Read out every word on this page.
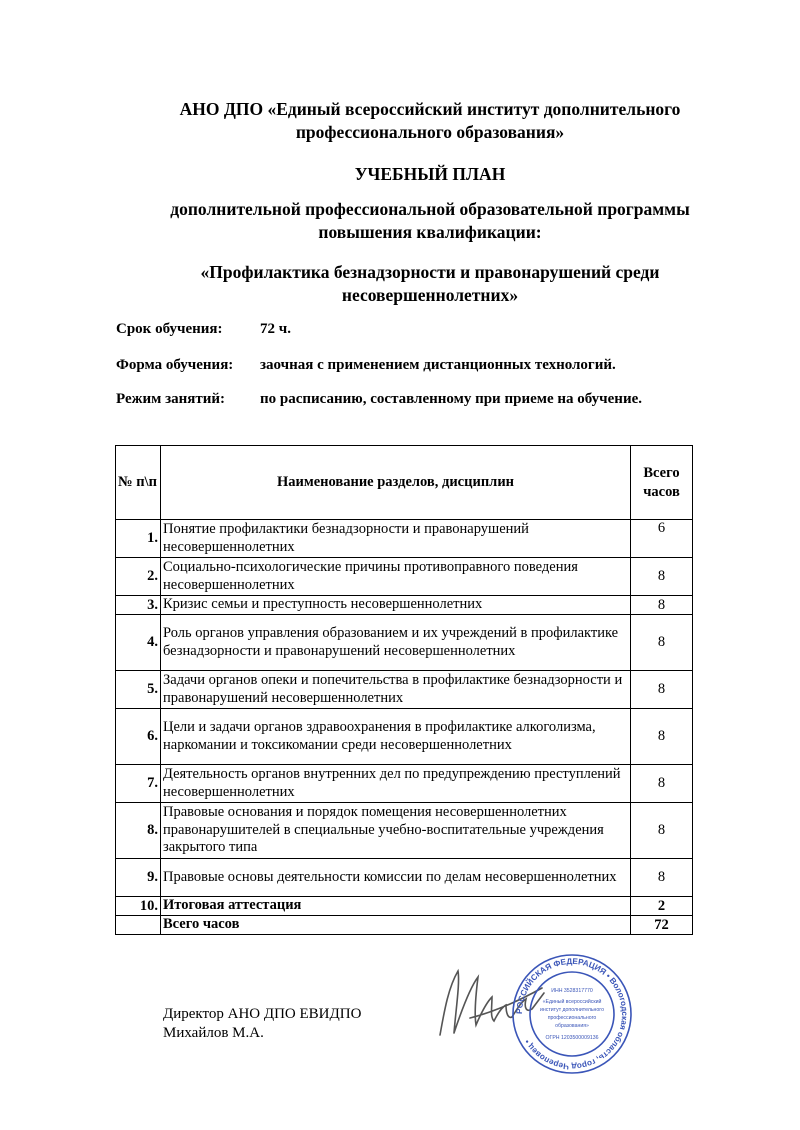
АНО ДПО «Единый всероссийский институт дополнительного
профессионального образования»
УЧЕБНЫЙ ПЛАН
дополнительной профессиональной образовательной программы
повышения квалификации:
«Профилактика безнадзорности и правонарушений среди
несовершеннолетних»
Срок обучения: 72 ч.
Форма обучения: заочная с применением дистанционных технологий.
Режим занятий: по расписанию, составленному при приеме на обучение.
№ п\п	Наименование разделов, дисциплин	Всего
часов

1.	Понятие профилактики безнадзорности и правонарушений несовершеннолетних	6
2.	Социально-психологические причины противоправного поведения несовершеннолетних	8
3.	Кризис семьи и преступность несовершеннолетних	8
4.	Роль органов управления образованием и их учреждений в профилактике безнадзорности и правонарушений несовершеннолетних	8
5.	Задачи органов опеки и попечительства в профилактике безнадзорности и правонарушений несовершеннолетних	8
6.	Цели и задачи органов здравоохранения в профилактике алкоголизма, наркомании и токсикомании среди несовершеннолетних	8
7.	Деятельность органов внутренних дел по предупреждению преступлений несовершеннолетних	8
8.	Правовые основания и порядок помещения несовершеннолетних правонарушителей в специальные учебно-воспитательные учреждения закрытого типа	8
9.	Правовые основы деятельности комиссии по делам несовершеннолетних	8
10.	Итоговая аттестация	2
	Всего часов	72
Директор АНО ДПО ЕВИДПО
Михайлов М.А.
РОССИЙСКАЯ ФЕДЕРАЦИЯ • Вологодская область, город Череповец •
ИНН 3528317770
«Единый всероссийский
институт дополнительного
профессионального
образования»
ОГРН 1203500009136
